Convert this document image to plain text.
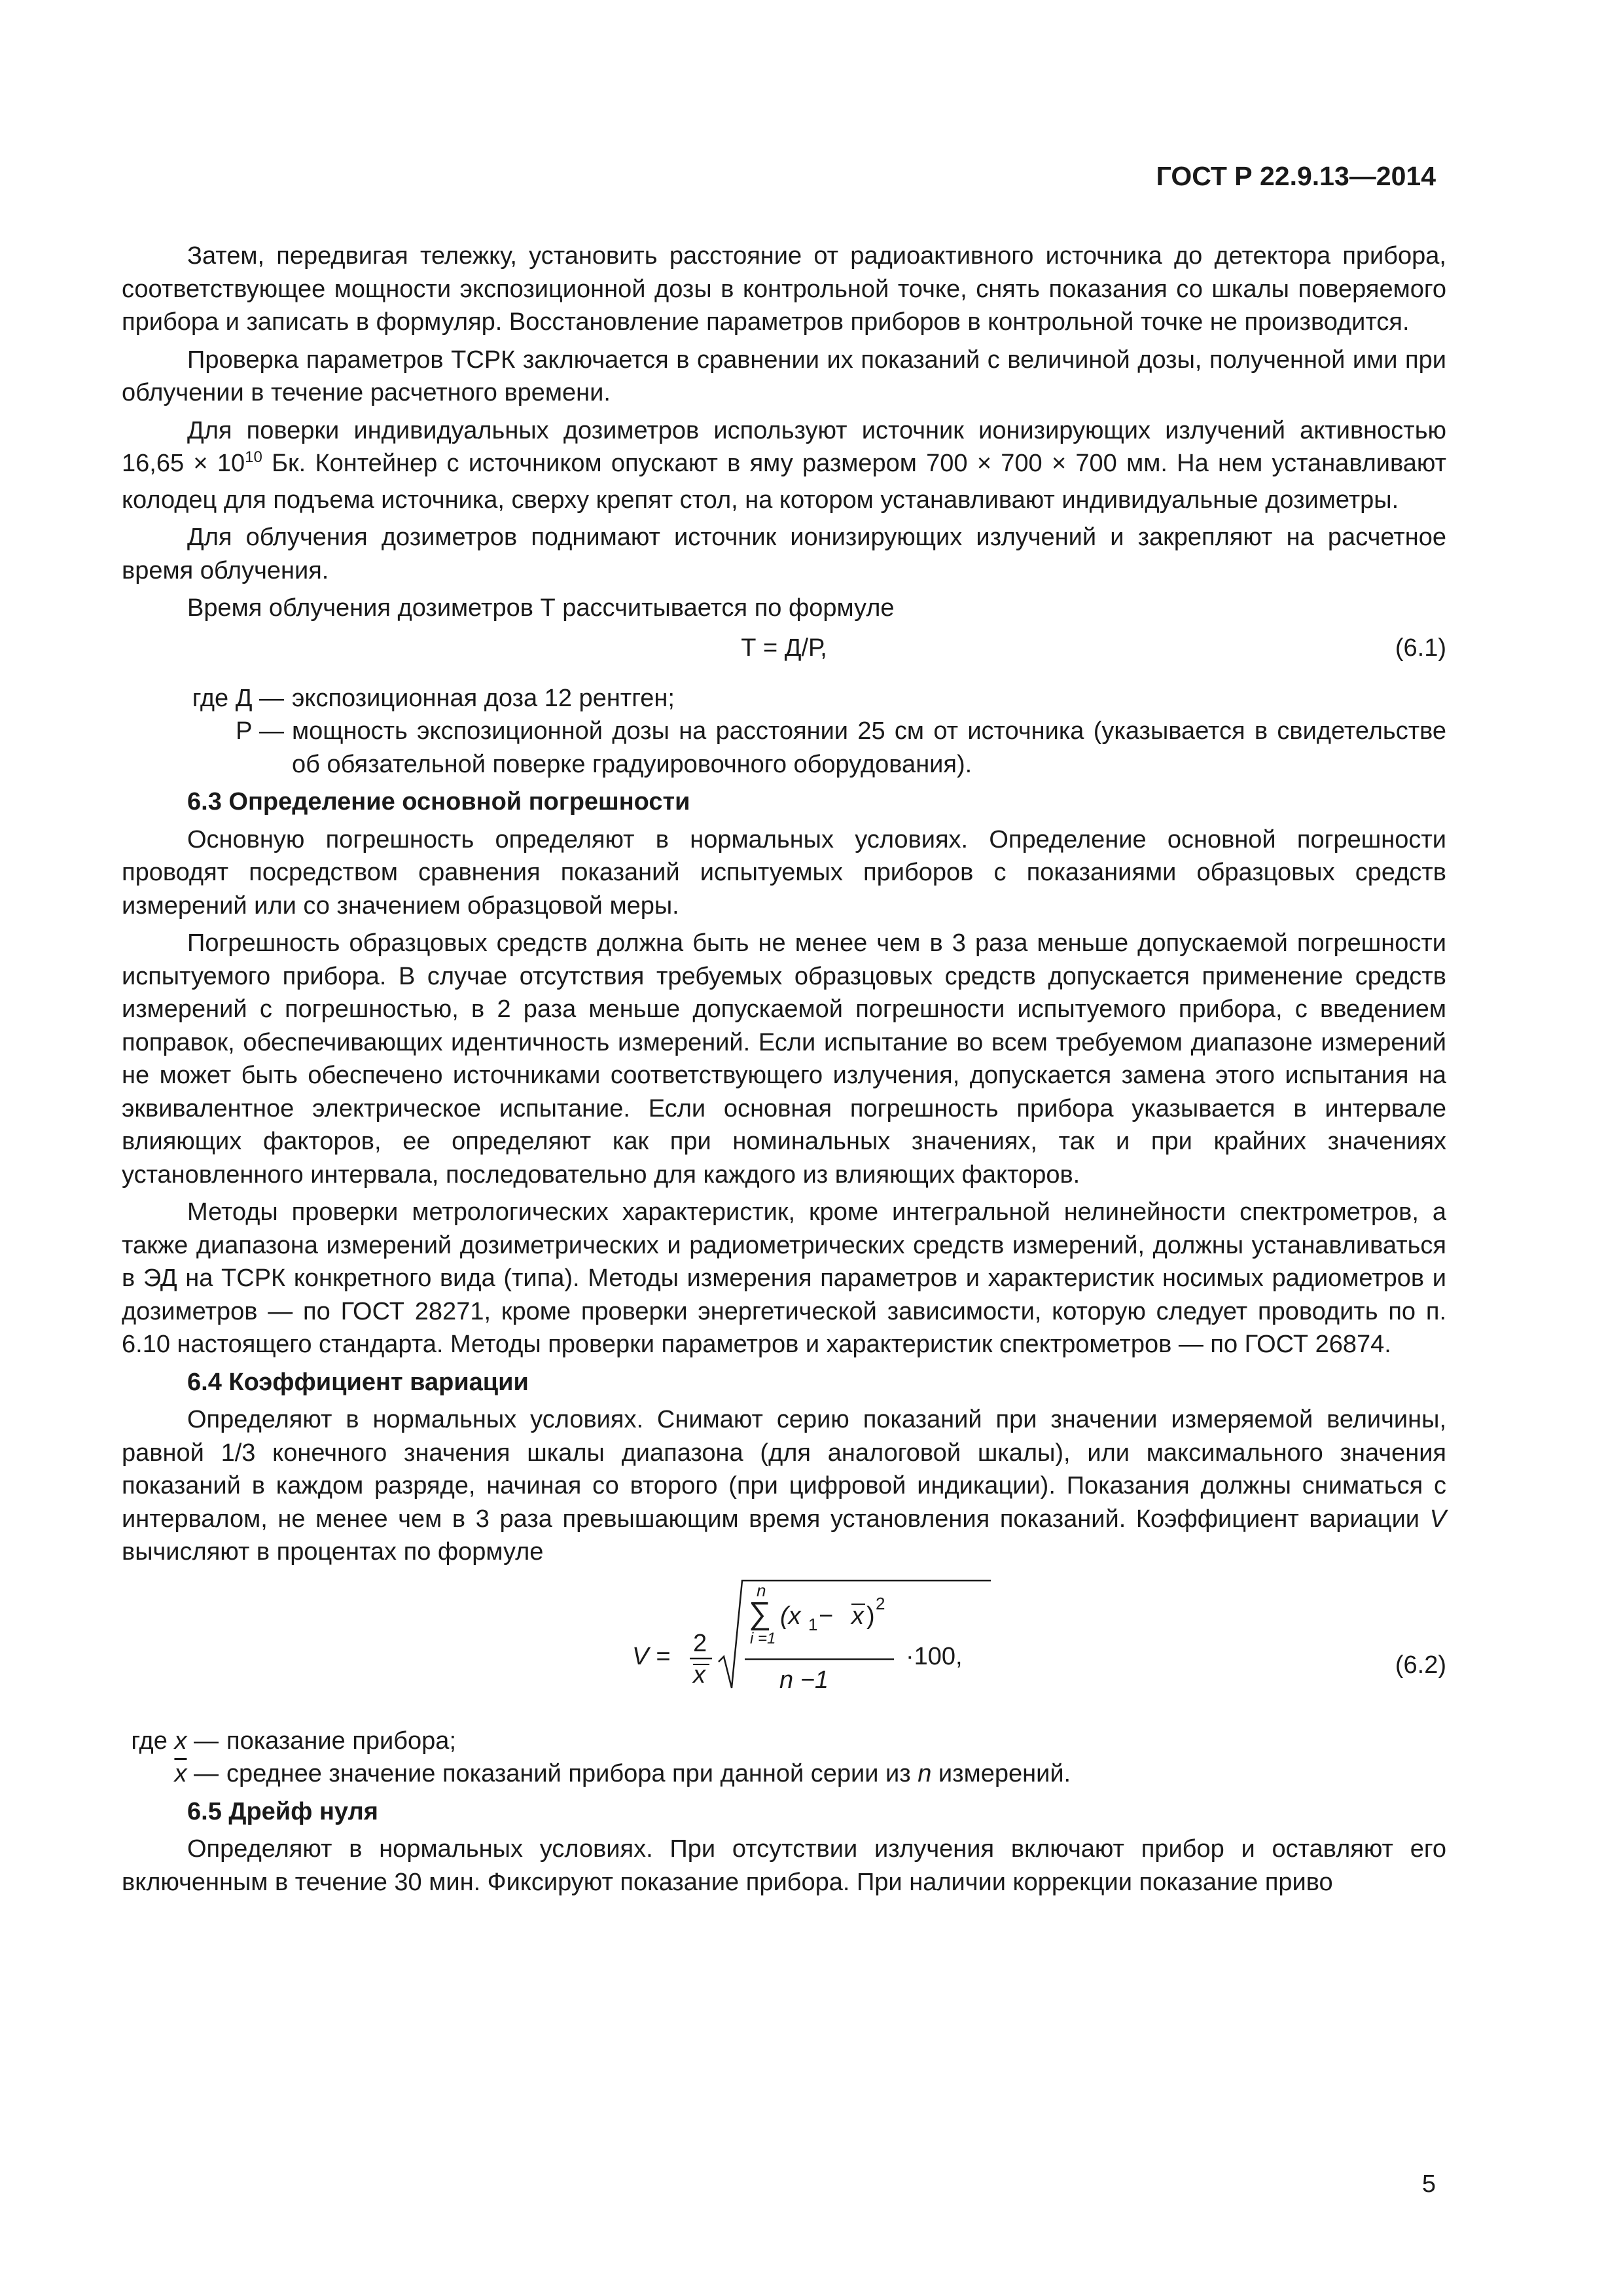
ГОСТ Р 22.9.13—2014

Затем, передвигая тележку, установить расстояние от радиоактивного источника до детектора прибора, соответствующее мощности экспозиционной дозы в контрольной точке, снять показания со шкалы поверяемого прибора и записать в формуляр. Восстановление параметров приборов в контрольной точке не производится.

Проверка параметров ТСРК заключается в сравнении их показаний с величиной дозы, полученной ими при облучении в течение расчетного времени.

Для поверки индивидуальных дозиметров используют источник ионизирующих излучений активностью $16,65 \times 10^{10}$ Бк. Контейнер с источником опускают в яму размером 700 × 700 × 700 мм. На нем устанавливают колодец для подъема источника, сверху крепят стол, на котором устанавливают индивидуальные дозиметры.

Для облучения дозиметров поднимают источник ионизирующих излучений и закрепляют на расчетное время облучения.

Время облучения дозиметров Т рассчитывается по формуле

Т = Д/Р,	(6.1)
где Д — экспозиционная доза 12 рентген;
Р — мощность экспозиционной дозы на расстоянии 25 см от источника (указывается в свидетельстве об обязательной поверке градуировочного оборудования).
6.3 Определение основной погрешности

Основную погрешность определяют в нормальных условиях. Определение основной погрешности проводят посредством сравнения показаний испытуемых приборов с показаниями образцовых средств измерений или со значением образцовой меры.

Погрешность образцовых средств должна быть не менее чем в 3 раза меньше допускаемой погрешности испытуемого прибора. В случае отсутствия требуемых образцовых средств допускается применение средств измерений с погрешностью, в 2 раза меньше допускаемой погрешности испытуемого прибора, с введением поправок, обеспечивающих идентичность измерений. Если испытание во всем требуемом диапазоне измерений не может быть обеспечено источниками соответствующего излучения, допускается замена этого испытания на эквивалентное электрическое испытание. Если основная погрешность прибора указывается в интервале влияющих факторов, ее определяют как при номинальных значениях, так и при крайних значениях установленного интервала, последовательно для каждого из влияющих факторов.

Методы проверки метрологических характеристик, кроме интегральной нелинейности спектрометров, а также диапазона измерений дозиметрических и радиометрических средств измерений, должны устанавливаться в ЭД на ТСРК конкретного вида (типа). Методы измерения параметров и характеристик носимых радиометров и дозиметров — по ГОСТ 28271, кроме проверки энергетической зависимости, которую следует проводить по п. 6.10 настоящего стандарта. Методы проверки параметров и характеристик спектрометров — по ГОСТ 26874.

6.4 Коэффициент вариации

Определяют в нормальных условиях. Снимают серию показаний при значении измеряемой величины, равной 1/3 конечного значения шкалы диапазона (для аналоговой шкалы), или максимального значения показаний в каждом разряде, начиная со второго (при цифровой индикации). Показания должны сниматься с интервалом, не менее чем в 3 раза превышающим время установления показаний. Коэффициент вариации V вычисляют в процентах по формуле

V = 2
x
n
∑
i =1
(x 1 − x ) 2
n −1
·100,	(6.2)
где x — показание прибора;
$\overline{x}$ — среднее значение показаний прибора при данной серии из n измерений.
6.5 Дрейф нуля

Определяют в нормальных условиях. При отсутствии излучения включают прибор и оставляют его включенным в течение 30 мин. Фиксируют показание прибора. При наличии коррекции показание приво

5
